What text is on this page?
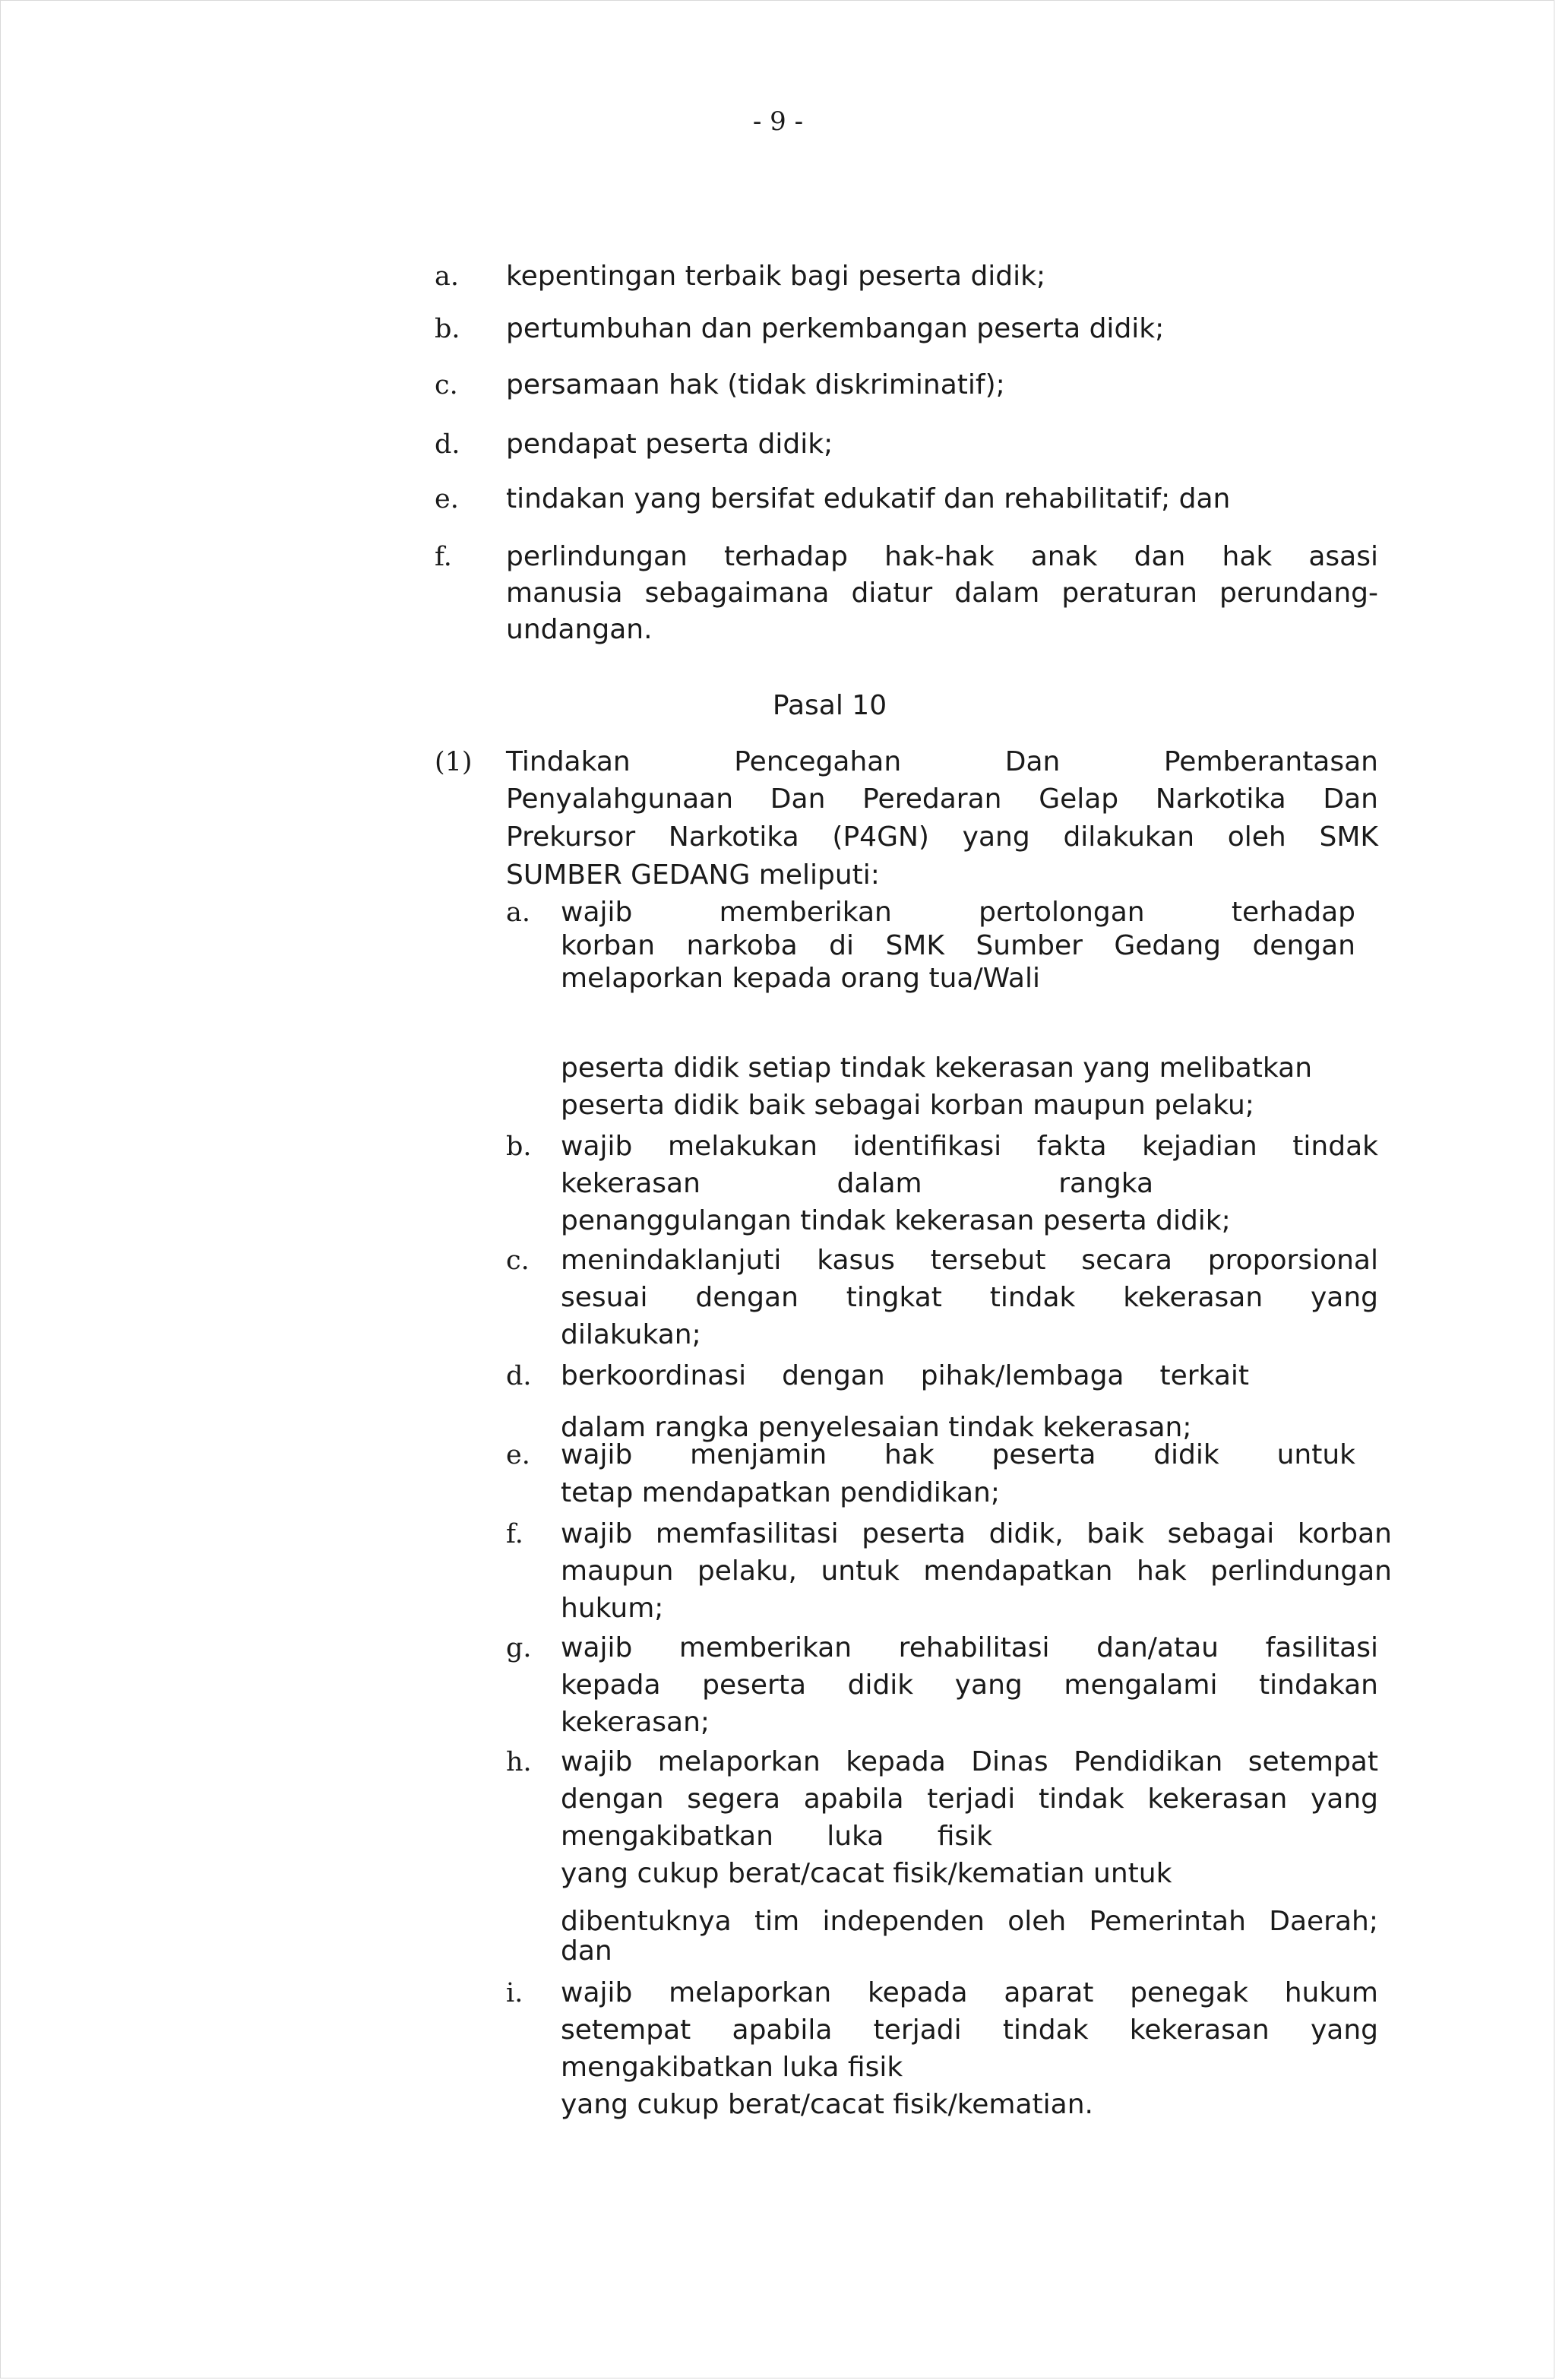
- 9 -
a. kepentingan terbaik bagi peserta didik;
b. pertumbuhan dan perkembangan peserta didik;
c. persamaan hak (tidak diskriminatif);
d. pendapat peserta didik;
e. tindakan yang bersifat edukatif dan rehabilitatif; dan
f. perlindungan terhadap hak-hak anak dan hak asasi
manusia sebagaimana diatur dalam peraturan perundang-
undangan.
Pasal 10
(1) Tindakan Pencegahan Dan Pemberantasan
Penyalahgunaan Dan Peredaran Gelap Narkotika Dan
Prekursor Narkotika (P4GN) yang dilakukan oleh SMK
SUMBER GEDANG meliputi:
a. wajib memberikan pertolongan terhadap
korban narkoba di SMK Sumber Gedang dengan
melaporkan kepada orang tua/Wali
peserta didik setiap tindak kekerasan yang melibatkan
peserta didik baik sebagai korban maupun pelaku;
b. wajib melakukan identifikasi fakta kejadian tindak
kekerasan dalam rangka
penanggulangan tindak kekerasan peserta didik;
c. menindaklanjuti kasus tersebut secara proporsional
sesuai dengan tingkat tindak kekerasan yang
dilakukan;
d. berkoordinasi dengan pihak/lembaga terkait
dalam rangka penyelesaian tindak kekerasan;
e. wajib menjamin hak peserta didik untuk
tetap mendapatkan pendidikan;
f. wajib memfasilitasi peserta didik, baik sebagai korban
maupun pelaku, untuk mendapatkan hak perlindungan
hukum;
g. wajib memberikan rehabilitasi dan/atau fasilitasi
kepada peserta didik yang mengalami tindakan
kekerasan;
h. wajib melaporkan kepada Dinas Pendidikan setempat
dengan segera apabila terjadi tindak kekerasan yang
mengakibatkan luka fisik
yang cukup berat/cacat fisik/kematian untuk
dibentuknya tim independen oleh Pemerintah Daerah;
dan
i. wajib melaporkan kepada aparat penegak hukum
setempat apabila terjadi tindak kekerasan yang
mengakibatkan luka fisik
yang cukup berat/cacat fisik/kematian.
